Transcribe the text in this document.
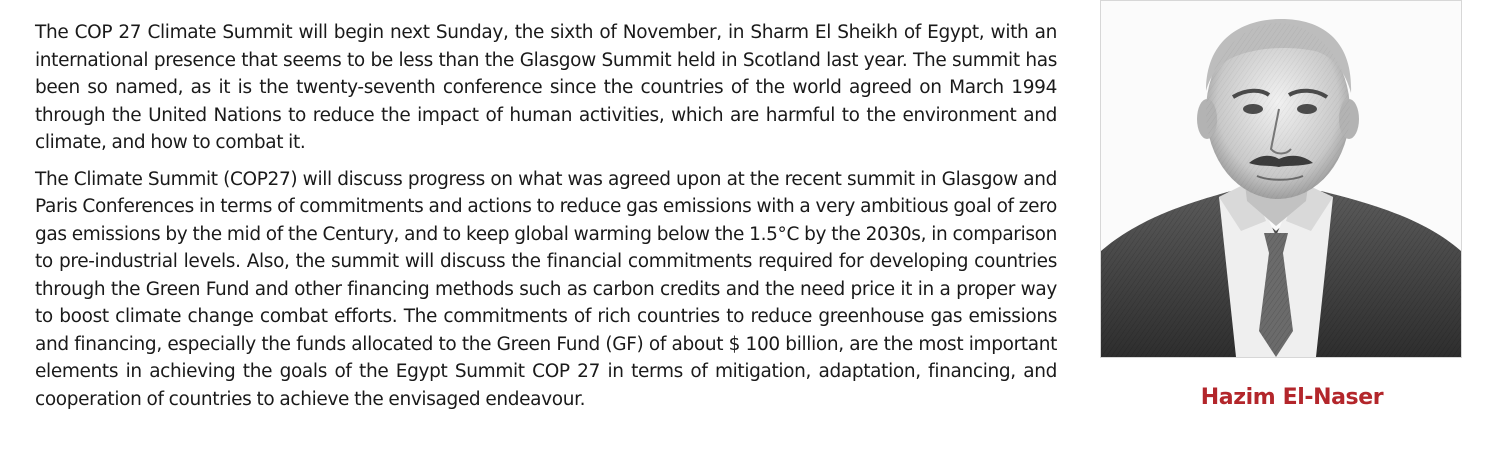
The COP 27 Climate Summit will begin next Sunday, the sixth of November, in Sharm El Sheikh of Egypt, with an international presence that seems to be less than the Glasgow Summit held in Scotland last year. The summit has been so named, as it is the twenty-seventh conference since the countries of the world agreed on March 1994 through the United Nations to reduce the impact of human activities, which are harmful to the environment and climate, and how to combat it.

The Climate Summit (COP27) will discuss progress on what was agreed upon at the recent summit in Glasgow and Paris Conferences in terms of commitments and actions to reduce gas emissions with a very ambitious goal of zero gas emissions by the mid of the Century, and to keep global warming below the 1.5°C by the 2030s, in comparison to pre-industrial levels. Also, the summit will discuss the financial commitments required for developing countries through the Green Fund and other financing methods such as carbon credits and the need price it in a proper way to boost climate change combat efforts. The commitments of rich countries to reduce greenhouse gas emissions and financing, especially the funds allocated to the Green Fund (GF) of about $ 100 billion, are the most important elements in achieving the goals of the Egypt Summit COP 27 in terms of mitigation, adaptation, financing, and cooperation of countries to achieve the envisaged endeavour.	Hazim El-Naser
